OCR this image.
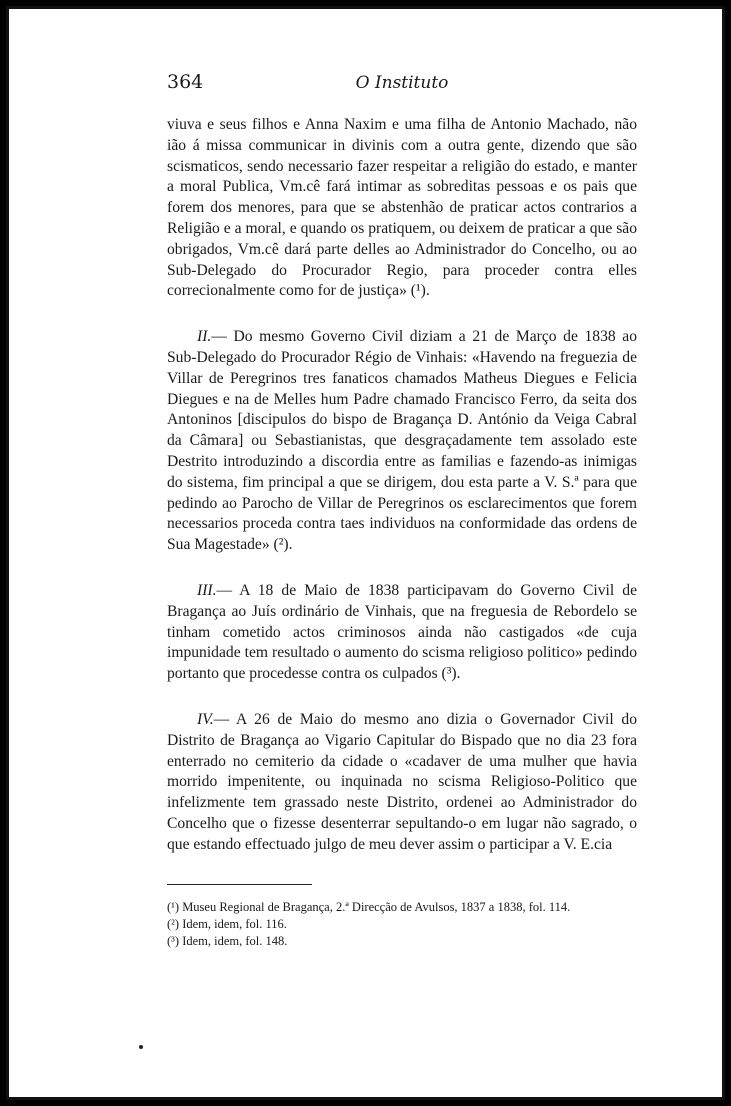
364	O Instituto

viuva e seus filhos e Anna Naxim e uma filha de Antonio Machado, não ião á missa communicar in divinis com a outra gente, dizendo que são scismaticos, sendo necessario fazer respeitar a religião do estado, e manter a moral Publica, Vm.cê fará intimar as sobreditas pessoas e os pais que forem dos menores, para que se abstenhão de praticar actos contrarios a Religião e a moral, e quando os pratiquem, ou deixem de praticar a que são obrigados, Vm.cê dará parte delles ao Administrador do Concelho, ou ao Sub-Delegado do Procurador Regio, para proceder contra elles correcionalmente como for de justiça» (¹).

II.— Do mesmo Governo Civil diziam a 21 de Março de 1838 ao Sub-Delegado do Procurador Régio de Vinhais: «Havendo na freguezia de Villar de Peregrinos tres fanaticos chamados Matheus Diegues e Felicia Diegues e na de Melles hum Padre chamado Francisco Ferro, da seita dos Antoninos [discipulos do bispo de Bragança D. António da Veiga Cabral da Câmara] ou Sebastianistas, que desgraçadamente tem assolado este Destrito introduzindo a discordia entre as familias e fazendo-as inimigas do sistema, fim principal a que se dirigem, dou esta parte a V. S.ª para que pedindo ao Parocho de Villar de Peregrinos os esclarecimentos que forem necessarios proceda contra taes individuos na conformidade das ordens de Sua Magestade» (²).

III.— A 18 de Maio de 1838 participavam do Governo Civil de Bragança ao Juís ordinário de Vinhais, que na freguesia de Rebordelo se tinham cometido actos criminosos ainda não castigados «de cuja impunidade tem resultado o aumento do scisma religioso politico» pedindo portanto que procedesse contra os culpados (³).

IV.— A 26 de Maio do mesmo ano dizia o Governador Civil do Distrito de Bragança ao Vigario Capitular do Bispado que no dia 23 fora enterrado no cemiterio da cidade o «cadaver de uma mulher que havia morrido impenitente, ou inquinada no scisma Religioso-Politico que infelizmente tem grassado neste Distrito, ordenei ao Administrador do Concelho que o fizesse desenterrar sepultando-o em lugar não sagrado, o que estando effectuado julgo de meu dever assim o participar a V. E.cia

(¹) Museu Regional de Bragança, 2.ª Direcção de Avulsos, 1837 a 1838, fol. 114.

(²) Idem, idem, fol. 116.

(³) Idem, idem, fol. 148.
